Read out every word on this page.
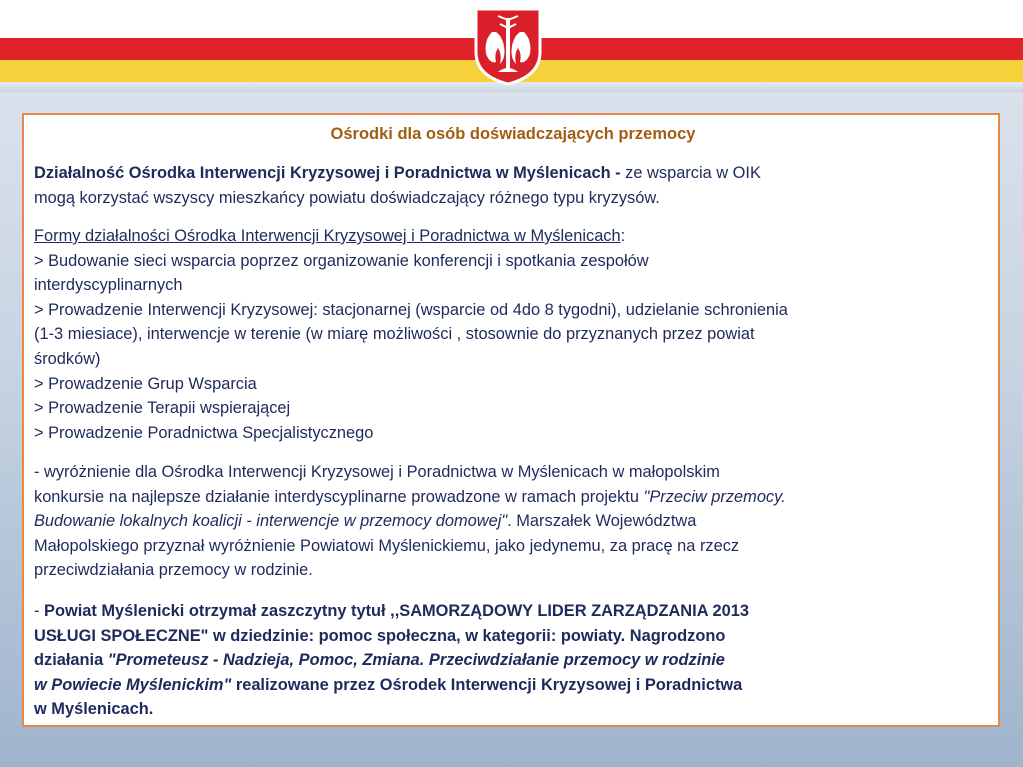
Ośrodki dla osób doświadczających przemocy

Działalność Ośrodka Interwencji Kryzysowej i Poradnictwa w Myślenicach - ze wsparcia w OIK

mogą korzystać wszyscy mieszkańcy powiatu doświadczający różnego typu kryzysów.

Formy działalności Ośrodka Interwencji Kryzysowej i Poradnictwa w Myślenicach:

> Budowanie sieci wsparcia poprzez organizowanie konferencji i spotkania zespołów

interdyscyplinarnych

> Prowadzenie Interwencji Kryzysowej: stacjonarnej (wsparcie od 4do 8 tygodni), udzielanie schronienia

(1-3 miesiace), interwencje w terenie (w miarę możliwości , stosownie do przyznanych przez powiat

środków)

> Prowadzenie Grup Wsparcia

> Prowadzenie Terapii wspierającej

> Prowadzenie Poradnictwa Specjalistycznego

- wyróżnienie dla Ośrodka Interwencji Kryzysowej i Poradnictwa w Myślenicach w małopolskim

konkursie na najlepsze działanie interdyscyplinarne prowadzone w ramach projektu "Przeciw przemocy.

Budowanie lokalnych koalicji - interwencje w przemocy domowej". Marszałek Województwa

Małopolskiego przyznał wyróżnienie Powiatowi Myślenickiemu, jako jedynemu, za pracę na rzecz

przeciwdziałania przemocy w rodzinie.

- Powiat Myślenicki otrzymał zaszczytny tytuł ,,SAMORZĄDOWY LIDER ZARZĄDZANIA 2013

USŁUGI SPOŁECZNE" w dziedzinie: pomoc społeczna, w kategorii: powiaty. Nagrodzono

działania "Prometeusz - Nadzieja, Pomoc, Zmiana. Przeciwdziałanie przemocy w rodzinie

w Powiecie Myślenickim" realizowane przez Ośrodek Interwencji Kryzysowej i Poradnictwa

w Myślenicach.
